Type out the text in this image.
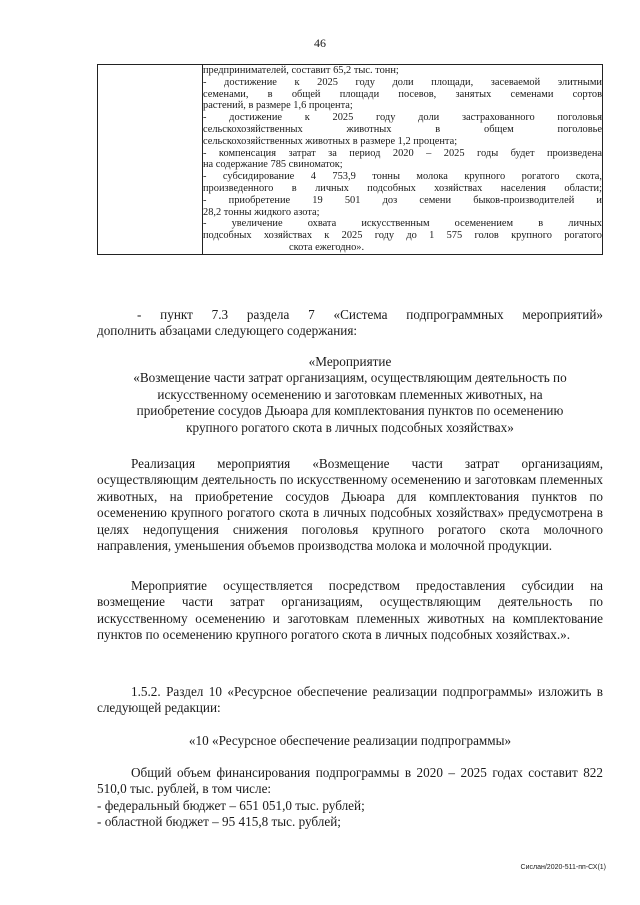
46

предпринимателей, составит 65,2 тыс. тонн;
- достижение к 2025 году доли площади, засеваемой элитными
семенами, в общей площади посевов, занятых семенами сортов
растений, в размере 1,6 процента;
- достижение к 2025 году доли застрахованного поголовья
сельскохозяйственных животных в общем поголовье
сельскохозяйственных животных в размере 1,2 процента;
- компенсация затрат за период 2020 – 2025 годы будет произведена
на содержание 785 свиноматок;
- субсидирование 4 753,9 тонны молока крупного рогатого скота,
произведенного в личных подсобных хозяйствах населения области;
- приобретение 19 501 доз семени быков-производителей и
28,2 тонны жидкого азота;
- увеличение охвата искусственным осеменением в личных
подсобных хозяйствах к 2025 году до 1 575 голов крупного рогатого
скота ежегодно».
- пункт 7.3 раздела 7 «Система подпрограммных мероприятий»
дополнить абзацами следующего содержания:
«Мероприятие
«Возмещение части затрат организациям, осуществляющим деятельность по
искусственному осеменению и заготовкам племенных животных, на
приобретение сосудов Дьюара для комплектования пунктов по осеменению
крупного рогатого скота в личных подсобных хозяйствах»
Реализация мероприятия «Возмещение части затрат организациям, осуществляющим деятельность по искусственному осеменению и заготовкам племенных животных, на приобретение сосудов Дьюара для комплектования пунктов по осеменению крупного рогатого скота в личных подсобных хозяйствах» предусмотрена в целях недопущения снижения поголовья крупного рогатого скота молочного направления, уменьшения объемов производства молока и молочной продукции.
Мероприятие осуществляется посредством предоставления субсидии на возмещение части затрат организациям, осуществляющим деятельность по искусственному осеменению и заготовкам племенных животных на комплектование пунктов по осеменению крупного рогатого скота в личных подсобных хозяйствах.».
1.5.2. Раздел 10 «Ресурсное обеспечение реализации подпрограммы» изложить в следующей редакции:
«10 «Ресурсное обеспечение реализации подпрограммы»
Общий объем финансирования подпрограммы в 2020 – 2025 годах составит 822 510,0 тыс. рублей, в том числе:
- федеральный бюджет – 651 051,0 тыс. рублей;
- областной бюджет – 95 415,8 тыс. рублей;
Сислан/2020-511-пп-СХ(1)
